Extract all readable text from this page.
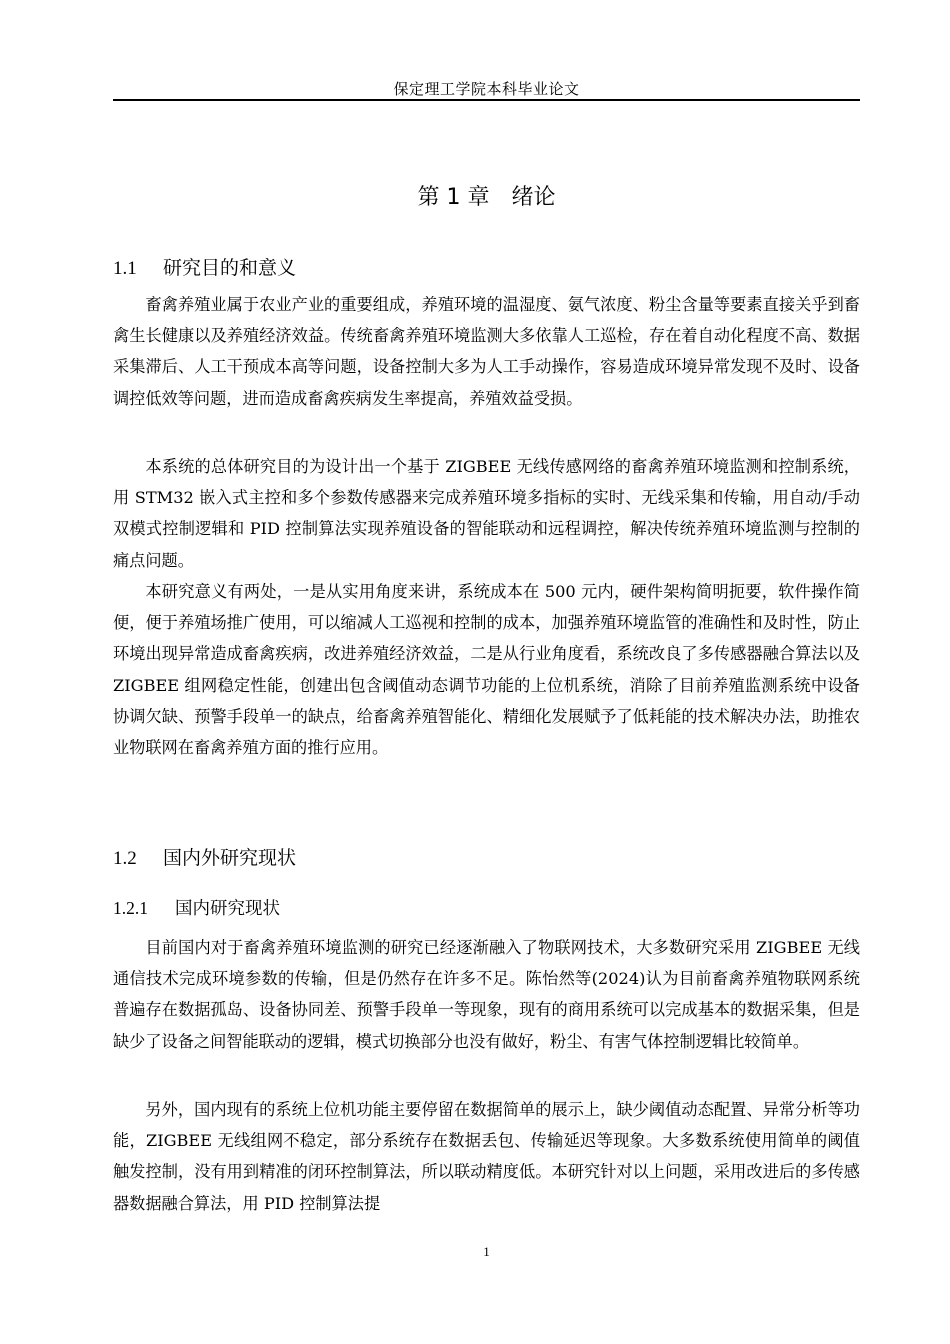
保定理工学院本科毕业论文
第 1 章 绪论
1.1 研究目的和意义

畜禽养殖业属于农业产业的重要组成，养殖环境的温湿度、氨气浓度、粉尘含量等要素直接关乎到畜禽生长健康以及养殖经济效益。传统畜禽养殖环境监测大多依靠人工巡检，存在着自动化程度不高、数据采集滞后、人工干预成本高等问题，设备控制大多为人工手动操作，容易造成环境异常发现不及时、设备调控低效等问题，进而造成畜禽疾病发生率提高，养殖效益受损。

本系统的总体研究目的为设计出一个基于 ZIGBEE 无线传感网络的畜禽养殖环境监测和控制系统，用 STM32 嵌入式主控和多个参数传感器来完成养殖环境多指标的实时、无线采集和传输，用自动/手动双模式控制逻辑和 PID 控制算法实现养殖设备的智能联动和远程调控，解决传统养殖环境监测与控制的痛点问题。

本研究意义有两处，一是从实用角度来讲，系统成本在 500 元内，硬件架构简明扼要，软件操作简便，便于养殖场推广使用，可以缩减人工巡视和控制的成本，加强养殖环境监管的准确性和及时性，防止环境出现异常造成畜禽疾病，改进养殖经济效益，二是从行业角度看，系统改良了多传感器融合算法以及 ZIGBEE 组网稳定性能，创建出包含阈值动态调节功能的上位机系统，消除了目前养殖监测系统中设备协调欠缺、预警手段单一的缺点，给畜禽养殖智能化、精细化发展赋予了低耗能的技术解决办法，助推农业物联网在畜禽养殖方面的推行应用。

1.2 国内外研究现状
1.2.1 国内研究现状

目前国内对于畜禽养殖环境监测的研究已经逐渐融入了物联网技术，大多数研究采用 ZIGBEE 无线通信技术完成环境参数的传输，但是仍然存在许多不足。陈怡然等(2024)认为目前畜禽养殖物联网系统普遍存在数据孤岛、设备协同差、预警手段单一等现象，现有的商用系统可以完成基本的数据采集，但是缺少了设备之间智能联动的逻辑，模式切换部分也没有做好，粉尘、有害气体控制逻辑比较简单。

另外，国内现有的系统上位机功能主要停留在数据简单的展示上，缺少阈值动态配置、异常分析等功能，ZIGBEE 无线组网不稳定，部分系统存在数据丢包、传输延迟等现象。大多数系统使用简单的阈值触发控制，没有用到精准的闭环控制算法，所以联动精度低。本研究针对以上问题，采用改进后的多传感器数据融合算法，用 PID 控制算法提

1
